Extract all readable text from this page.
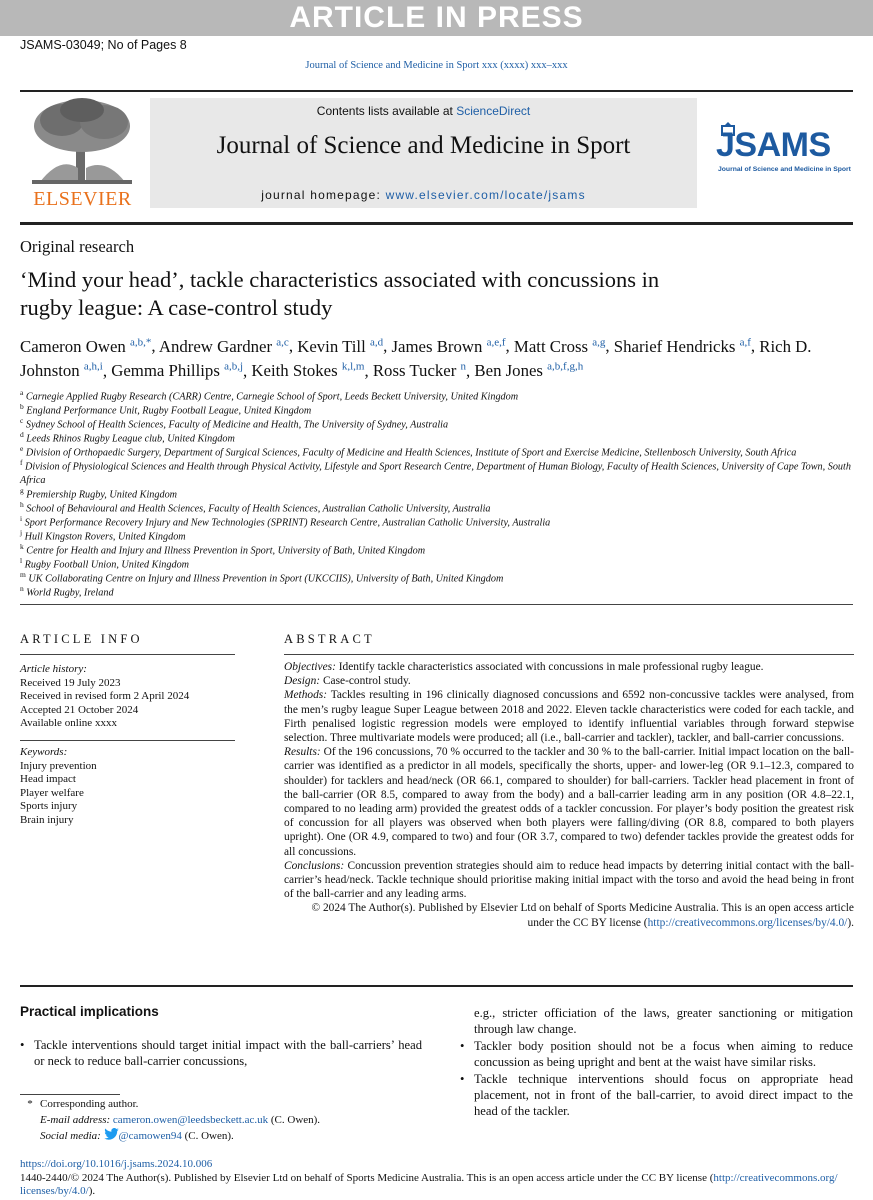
ARTICLE IN PRESS
JSAMS-03049; No of Pages 8
Journal of Science and Medicine in Sport xxx (xxxx) xxx–xxx
ELSEVIER
Contents lists available at ScienceDirect
Journal of Science and Medicine in Sport
journal homepage: www.elsevier.com/locate/jsams
JSAMS
Journal of Science and Medicine in Sport
Original research
‘Mind your head’, tackle characteristics associated with concussions in
rugby league: A case-control study
Cameron Owen $^{a,b,*}$, Andrew Gardner $^{a,c}$, Kevin Till $^{a,d}$, James Brown $^{a,e,f}$, Matt Cross $^{a,g}$, Sharief Hendricks $^{a,f}$, Rich D. Johnston $^{a,h,i}$, Gemma Phillips $^{a,b,j}$, Keith Stokes $^{k,l,m}$, Ross Tucker $^n$, Ben Jones $^{a,b,f,g,h}$
$^a$ Carnegie Applied Rugby Research (CARR) Centre, Carnegie School of Sport, Leeds Beckett University, United Kingdom
$^b$ England Performance Unit, Rugby Football League, United Kingdom
$^c$ Sydney School of Health Sciences, Faculty of Medicine and Health, The University of Sydney, Australia
$^d$ Leeds Rhinos Rugby League club, United Kingdom
$^e$ Division of Orthopaedic Surgery, Department of Surgical Sciences, Faculty of Medicine and Health Sciences, Institute of Sport and Exercise Medicine, Stellenbosch University, South Africa
$^f$ Division of Physiological Sciences and Health through Physical Activity, Lifestyle and Sport Research Centre, Department of Human Biology, Faculty of Health Sciences, University of Cape Town, South Africa
$^g$ Premiership Rugby, United Kingdom
$^h$ School of Behavioural and Health Sciences, Faculty of Health Sciences, Australian Catholic University, Australia
$^i$ Sport Performance Recovery Injury and New Technologies (SPRINT) Research Centre, Australian Catholic University, Australia
$^j$ Hull Kingston Rovers, United Kingdom
$^k$ Centre for Health and Injury and Illness Prevention in Sport, University of Bath, United Kingdom
$^l$ Rugby Football Union, United Kingdom
$^m$ UK Collaborating Centre on Injury and Illness Prevention in Sport (UKCCIIS), University of Bath, United Kingdom
$^n$ World Rugby, Ireland
ARTICLE INFO
Article history:
Received 19 July 2023
Received in revised form 2 April 2024
Accepted 21 October 2024
Available online xxxx
Keywords:
Injury prevention
Head impact
Player welfare
Sports injury
Brain injury
ABSTRACT

Objectives: Identify tackle characteristics associated with concussions in male professional rugby league.

Design: Case-control study.

Methods: Tackles resulting in 196 clinically diagnosed concussions and 6592 non-concussive tackles were analysed, from the men’s rugby league Super League between 2018 and 2022. Eleven tackle characteristics were coded for each tackle, and Firth penalised logistic regression models were employed to identify influential variables through forward stepwise selection. Three multivariate models were produced; all (i.e., ball-carrier and tackler), tackler, and ball-carrier concussions.

Results: Of the 196 concussions, 70 % occurred to the tackler and 30 % to the ball-carrier. Initial impact location on the ball-carrier was identified as a predictor in all models, specifically the shorts, upper- and lower-leg (OR 9.1–12.3, compared to shoulder) for tacklers and head/neck (OR 66.1, compared to shoulder) for ball-carriers. Tackler head placement in front of the ball-carrier (OR 8.5, compared to away from the body) and a ball-carrier leading arm in any position (OR 4.8–22.1, compared to no leading arm) provided the greatest odds of a tackler concussion. For player’s body position the greatest risk of concussion for all players was observed when both players were falling/diving (OR 8.8, compared to both players upright). One (OR 4.9, compared to two) and four (OR 3.7, compared to two) defender tackles provide the greatest odds for all concussions.

Conclusions: Concussion prevention strategies should aim to reduce head impacts by deterring initial contact with the ball-carrier’s head/neck. Tackle technique should prioritise making initial impact with the torso and avoid the head being in front of the ball-carrier and any leading arms.

© 2024 The Author(s). Published by Elsevier Ltd on behalf of Sports Medicine Australia. This is an open access article
under the CC BY license (http://creativecommons.org/licenses/by/4.0/).

Practical implications
• Tackle interventions should target initial impact with the ball-carriers’ head or neck to reduce ball-carrier concussions,
e.g., stricter officiation of the laws, greater sanctioning or mitigation through law change.
• Tackler body position should not be a focus when aiming to reduce concussion as being upright and bent at the waist have similar risks.
• Tackle technique interventions should focus on appropriate head placement, not in front of the ball-carrier, to avoid direct impact to the head of the tackler.
* Corresponding author.
E-mail address: cameron.owen@leedsbeckett.ac.uk (C. Owen).
Social media: @camowen94 (C. Owen).
https://doi.org/10.1016/j.jsams.2024.10.006
1440-2440/© 2024 The Author(s). Published by Elsevier Ltd on behalf of Sports Medicine Australia. This is an open access article under the CC BY license (http://creativecommons.org/
licenses/by/4.0/).
